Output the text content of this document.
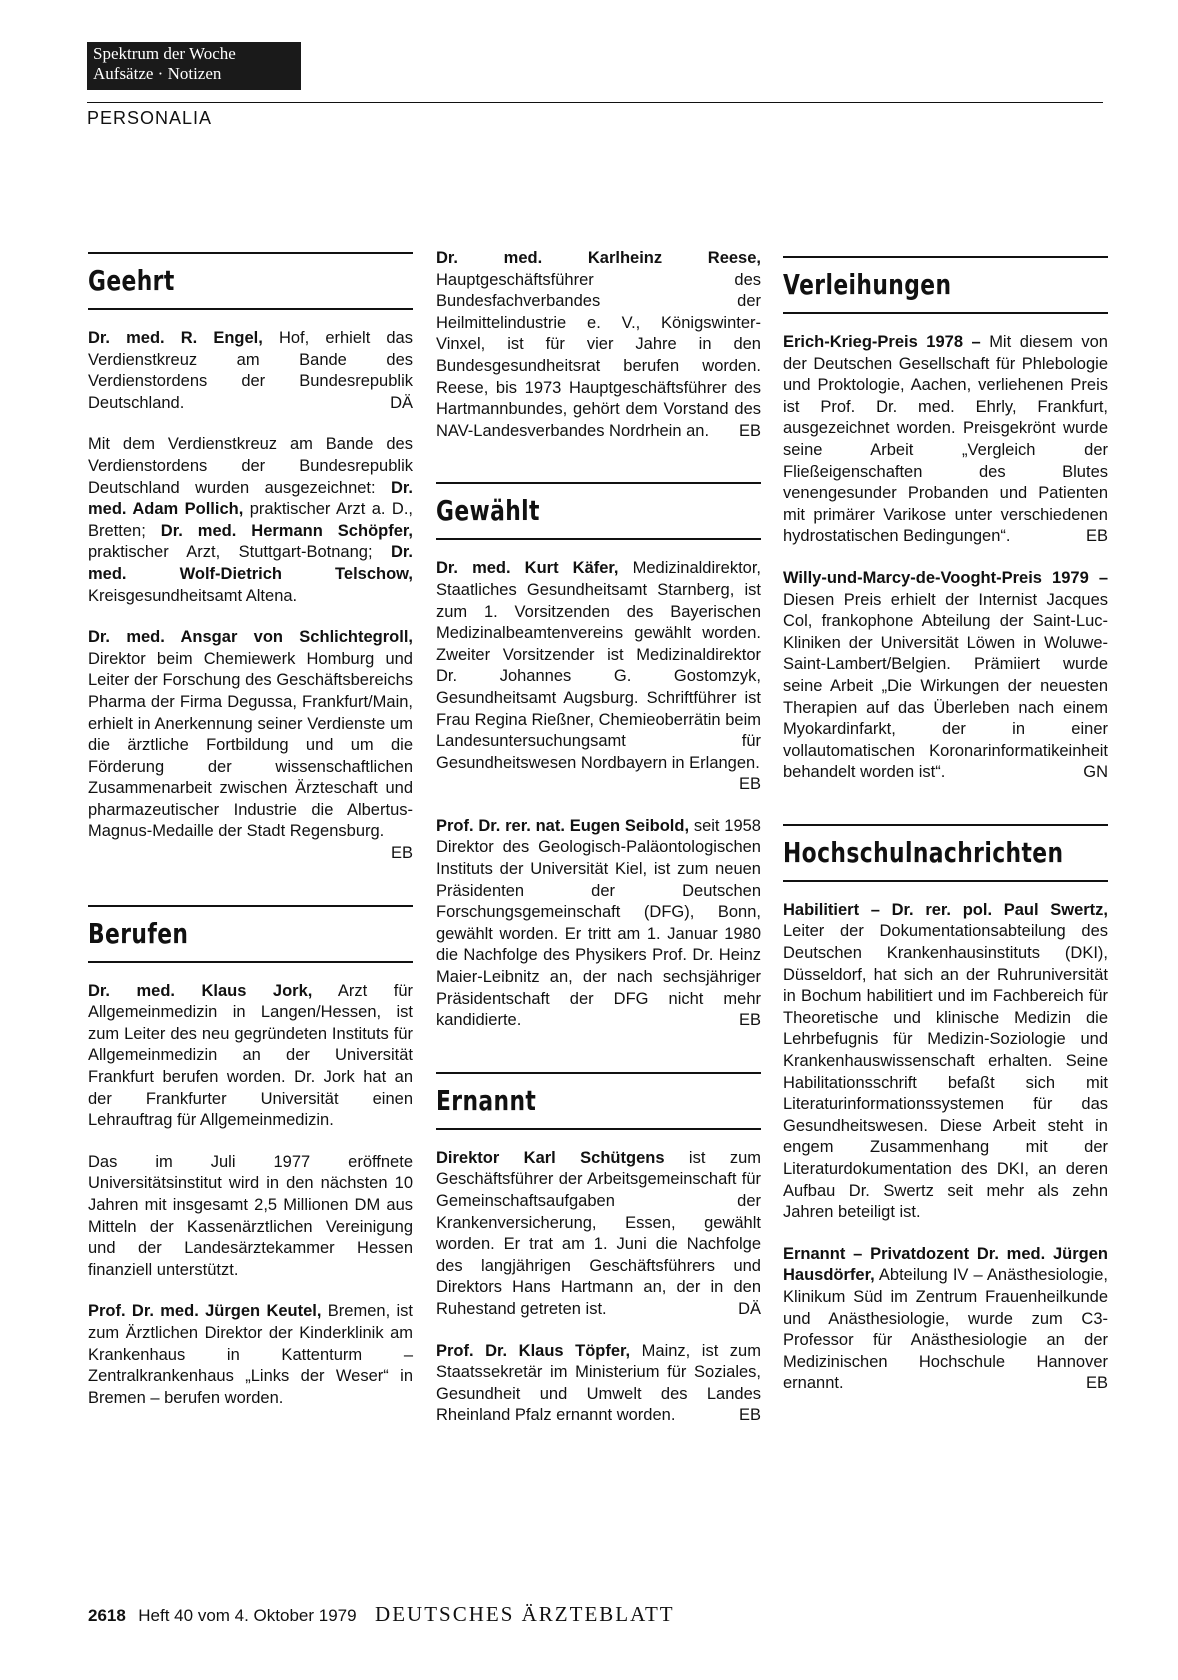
Spektrum der Woche
Aufsätze · Notizen
PERSONALIA
Geehrt
Dr. med. R. Engel, Hof, erhielt das Verdienstkreuz am Bande des Verdienstordens der Bundesrepublik Deutschland.	DÄ
Mit dem Verdienstkreuz am Bande des Verdienstordens der Bundesrepublik Deutschland wurden ausgezeichnet: Dr. med. Adam Pollich, praktischer Arzt a. D., Bretten; Dr. med. Hermann Schöpfer, praktischer Arzt, Stuttgart-Botnang; Dr. med. Wolf-Dietrich Telschow, Kreisgesundheitsamt Altena.
Dr. med. Ansgar von Schlichtegroll, Direktor beim Chemiewerk Homburg und Leiter der Forschung des Geschäftsbereichs Pharma der Firma Degussa, Frankfurt/Main, erhielt in Anerkennung seiner Verdienste um die ärztliche Fortbildung und um die Förderung der wissenschaftlichen Zusammenarbeit zwischen Ärzteschaft und pharmazeutischer Industrie die Albertus-Magnus-Medaille der Stadt Regensburg.
EB
Berufen
Dr. med. Klaus Jork, Arzt für Allgemeinmedizin in Langen/Hessen, ist zum Leiter des neu gegründeten Instituts für Allgemeinmedizin an der Universität Frankfurt berufen worden. Dr. Jork hat an der Frankfurter Universität einen Lehrauftrag für Allgemeinmedizin.
Das im Juli 1977 eröffnete Universitätsinstitut wird in den nächsten 10 Jahren mit insgesamt 2,5 Millionen DM aus Mitteln der Kassenärztlichen Vereinigung und der Landesärztekammer Hessen finanziell unterstützt.
Prof. Dr. med. Jürgen Keutel, Bremen, ist zum Ärztlichen Direktor der Kinderklinik am Krankenhaus in Kattenturm – Zentralkrankenhaus „Links der Weser“ in Bremen – berufen worden.
Dr. med. Karlheinz Reese, Hauptgeschäftsführer des Bundesfachverbandes der Heilmittelindustrie e. V., Königswinter-Vinxel, ist für vier Jahre in den Bundesgesundheitsrat berufen worden. Reese, bis 1973 Hauptgeschäftsführer des Hartmannbundes, gehört dem Vorstand des NAV-Landesverbandes Nordrhein an. EB
Gewählt
Dr. med. Kurt Käfer, Medizinaldirektor, Staatliches Gesundheitsamt Starnberg, ist zum 1. Vorsitzenden des Bayerischen Medizinalbeamtenvereins gewählt worden. Zweiter Vorsitzender ist Medizinaldirektor Dr. Johannes G. Gostomzyk, Gesundheitsamt Augsburg. Schriftführer ist Frau Regina Rießner, Chemieoberrätin beim Landesuntersuchungsamt für Gesundheitswesen Nordbayern in Erlangen.
EB
Prof. Dr. rer. nat. Eugen Seibold, seit 1958 Direktor des Geologisch-Paläontologischen Instituts der Universität Kiel, ist zum neuen Präsidenten der Deutschen Forschungsgemeinschaft (DFG), Bonn, gewählt worden. Er tritt am 1. Januar 1980 die Nachfolge des Physikers Prof. Dr. Heinz Maier-Leibnitz an, der nach sechsjähriger Präsidentschaft der DFG nicht mehr kandidierte.	EB
Ernannt
Direktor Karl Schütgens ist zum Geschäftsführer der Arbeitsgemeinschaft für Gemeinschaftsaufgaben der Krankenversicherung, Essen, gewählt worden. Er trat am 1. Juni die Nachfolge des langjährigen Geschäftsführers und Direktors Hans Hartmann an, der in den Ruhestand getreten ist.	DÄ
Prof. Dr. Klaus Töpfer, Mainz, ist zum Staatssekretär im Ministerium für Soziales, Gesundheit und Umwelt des Landes Rheinland Pfalz ernannt worden.	EB
Verleihungen
Erich-Krieg-Preis 1978 – Mit diesem von der Deutschen Gesellschaft für Phlebologie und Proktologie, Aachen, verliehenen Preis ist Prof. Dr. med. Ehrly, Frankfurt, ausgezeichnet worden. Preisgekrönt wurde seine Arbeit „Vergleich der Fließeigenschaften des Blutes venengesunder Probanden und Patienten mit primärer Varikose unter verschiedenen hydrostatischen Bedingungen“.	EB
Willy-und-Marcy-de-Vooght-Preis 1979 – Diesen Preis erhielt der Internist Jacques Col, frankophone Abteilung der Saint-Luc-Kliniken der Universität Löwen in Woluwe-Saint-Lambert/Belgien. Prämiiert wurde seine Arbeit „Die Wirkungen der neuesten Therapien auf das Überleben nach einem Myokardinfarkt, der in einer vollautomatischen Koronarinformatikeinheit behandelt worden ist“.	GN
Hochschulnachrichten
Habilitiert – Dr. rer. pol. Paul Swertz, Leiter der Dokumentationsabteilung des Deutschen Krankenhausinstituts (DKI), Düsseldorf, hat sich an der Ruhruniversität in Bochum habilitiert und im Fachbereich für Theoretische und klinische Medizin die Lehrbefugnis für Medizin-Soziologie und Krankenhauswissenschaft erhalten. Seine Habilitationsschrift befaßt sich mit Literaturinformationssystemen für das Gesundheitswesen. Diese Arbeit steht in engem Zusammenhang mit der Literaturdokumentation des DKI, an deren Aufbau Dr. Swertz seit mehr als zehn Jahren beteiligt ist.
Ernannt – Privatdozent Dr. med. Jürgen Hausdörfer, Abteilung IV – Anästhesiologie, Klinikum Süd im Zentrum Frauenheilkunde und Anästhesiologie, wurde zum C3-Professor für Anästhesiologie an der Medizinischen Hochschule Hannover ernannt.	EB
2618 Heft 40 vom 4. Oktober 1979 DEUTSCHES ÄRZTEBLATT
